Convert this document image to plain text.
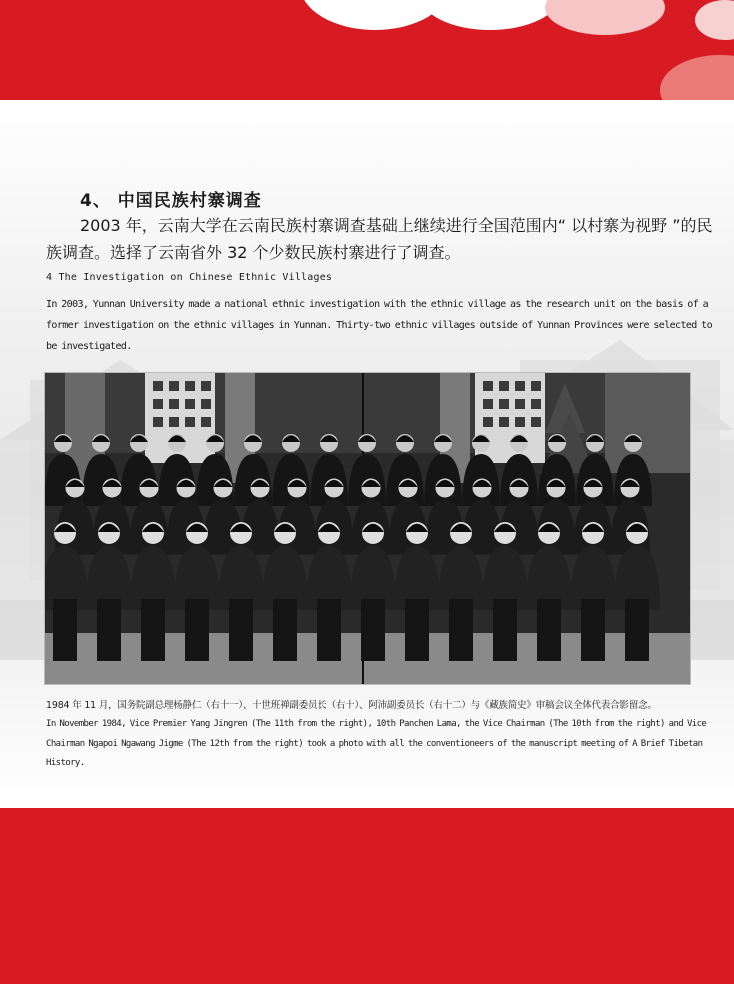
4、 中国民族村寨调查

2003 年，云南大学在云南民族村寨调查基础上继续进行全国范围内“ 以村寨为视野 ”的民族调查。选择了云南省外 32 个少数民族村寨进行了调查。

4 The Investigation on Chinese Ethnic Villages

In 2003, Yunnan University made a national ethnic investigation with the ethnic village as the research unit on the basis of a former investigation on the ethnic villages in Yunnan. Thirty-two ethnic villages outside of Yunnan Provinces were selected to be investigated.

1984 年 11 月，国务院副总理杨静仁（右十一）、十世班禅副委员长（右十）、阿沛副委员长（右十二）与《藏族简史》审稿会议全体代表合影留念。

In November 1984, Vice Premier Yang Jingren (The 11th from the right), 10th Panchen Lama, the Vice Chairman (The 10th from the right) and Vice Chairman Ngapoi Ngawang Jigme (The 12th from the right) took a photo with all the conventioneers of the manuscript meeting of A Brief Tibetan History.
